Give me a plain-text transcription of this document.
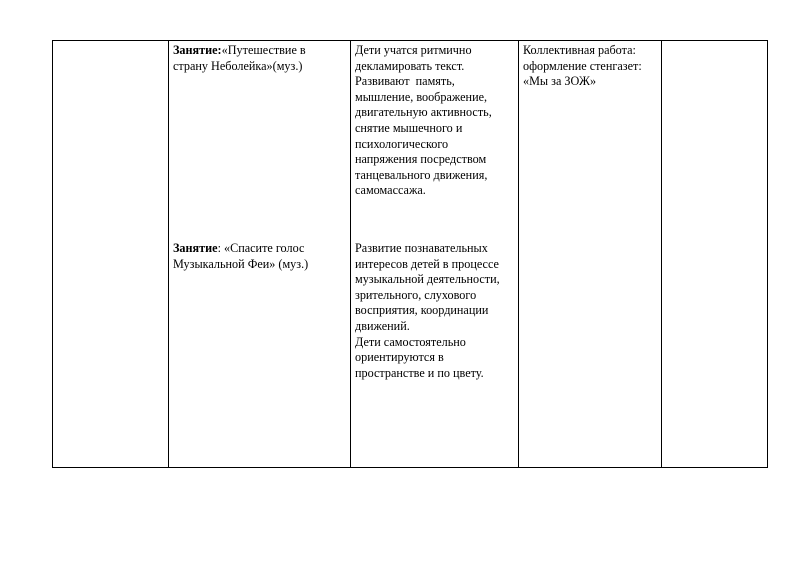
Занятие:«Путешествие в
страну Неболейка»(муз.)
Занятие: «Спасите голос
Музыкальной Феи» (муз.)
Дети учатся ритмично
декламировать текст.
Развивают  память,
мышление, воображение,
двигательную активность,
снятие мышечного и
психологического
напряжения посредством
танцевального движения,
самомассажа.
Развитие познавательных
интересов детей в процессе
музыкальной деятельности,
зрительного, слухового
восприятия, координации
движений.
Дети самостоятельно
ориентируются в
пространстве и по цвету.
Коллективная работа:
оформление стенгазет:
«Мы за ЗОЖ»
